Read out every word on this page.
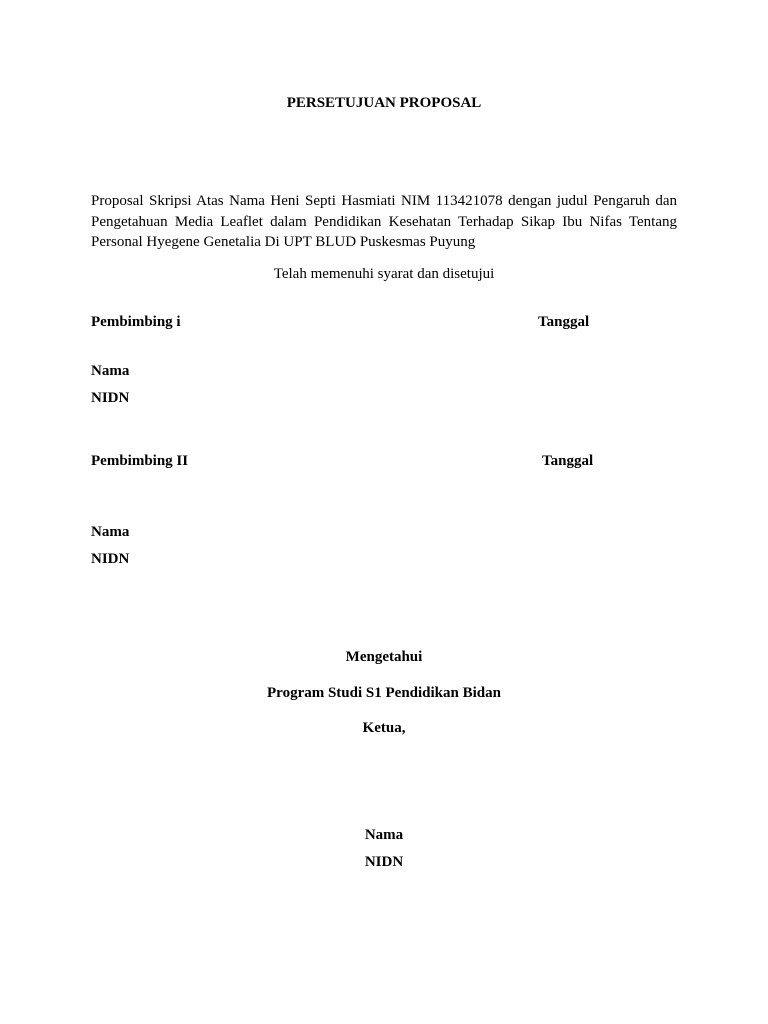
PERSETUJUAN PROPOSAL
Proposal Skripsi Atas Nama Heni Septi Hasmiati NIM 113421078 dengan judul Pengaruh dan Pengetahuan Media Leaflet dalam Pendidikan Kesehatan Terhadap Sikap Ibu Nifas Tentang Personal Hyegene Genetalia Di UPT BLUD Puskesmas Puyung
Telah memenuhi syarat dan disetujui
Pembimbing i	Tanggal
Nama
NIDN
Pembimbing II	Tanggal
Nama
NIDN
Mengetahui
Program Studi S1 Pendidikan Bidan
Ketua,
Nama
NIDN
